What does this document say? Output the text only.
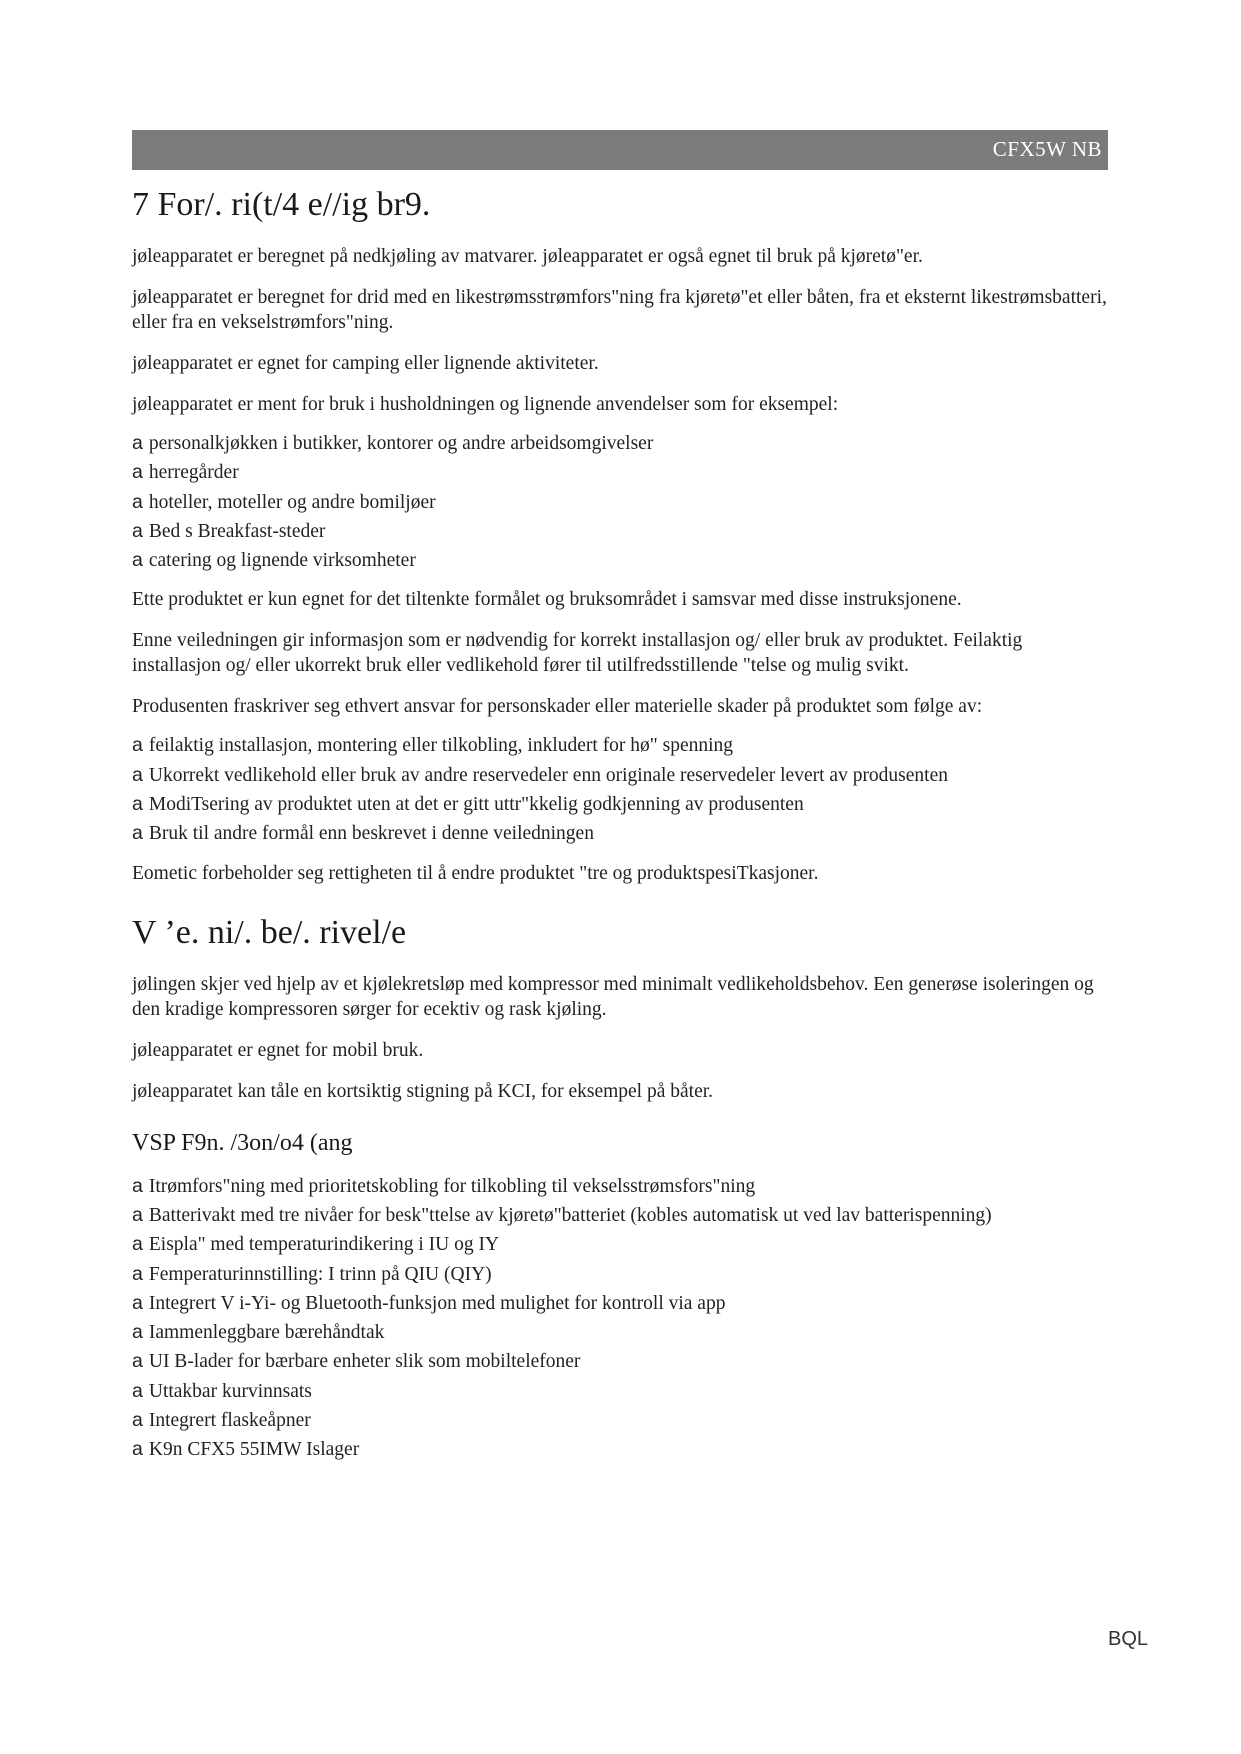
CFX5W NB
7 For/. ri(t/4 e//ig br9.

jøleapparatet er beregnet på nedkjøling av matvarer. jøleapparatet er også egnet til bruk på kjøretø"er.

jøleapparatet er beregnet for drid med en likestrømsstrømfors"ning fra kjøretø"et eller båten, fra et eksternt likestrømsbatteri, eller fra en vekselstrømfors"ning.

jøleapparatet er egnet for camping eller lignende aktiviteter.

jøleapparatet er ment for bruk i husholdningen og lignende anvendelser som for eksempel:

a personalkjøkken i butikker, kontorer og andre arbeidsomgivelser
a herregårder
a hoteller, moteller og andre bomiljøer
a Bed s Breakfast-steder
a catering og lignende virksomheter

Ette produktet er kun egnet for det tiltenkte formålet og bruksområdet i samsvar med disse instruksjonene.

Enne veiledningen gir informasjon som er nødvendig for korrekt installasjon og/ eller bruk av produktet. Feilaktig installasjon og/ eller ukorrekt bruk eller vedlikehold fører til utilfredsstillende "telse og mulig svikt.

Produsenten fraskriver seg ethvert ansvar for personskader eller materielle skader på produktet som følge av:

a feilaktig installasjon, montering eller tilkobling, inkludert for hø" spenning
a Ukorrekt vedlikehold eller bruk av andre reservedeler enn originale reservedeler levert av produsenten
a ModiTsering av produktet uten at det er gitt uttr"kkelig godkjenning av produsenten
a Bruk til andre formål enn beskrevet i denne veiledningen

Eometic forbeholder seg rettigheten til å endre produktet "tre og produktspesiTkasjoner.

V ’e. ni/. be/. rivel/e

jølingen skjer ved hjelp av et kjølekretsløp med kompressor med minimalt vedlikeholdsbehov. Een generøse isoleringen og den kradige kompressoren sørger for ecektiv og rask kjøling.

jøleapparatet er egnet for mobil bruk.

jøleapparatet kan tåle en kortsiktig stigning på KCI, for eksempel på båter.

VSP F9n. /3on/o4 (ang
a Itrømfors"ning med prioritetskobling for tilkobling til vekselsstrømsfors"ning
a Batterivakt med tre nivåer for besk"ttelse av kjøretø"batteriet (kobles automatisk ut ved lav batterispenning)
a Eispla" med temperaturindikering i IU og IY
a Femperaturinnstilling: I trinn på QIU (QIY)
a Integrert V i-Yi- og Bluetooth-funksjon med mulighet for kontroll via app
a Iammenleggbare bærehåndtak
a UI B-lader for bærbare enheter slik som mobiltelefoner
a Uttakbar kurvinnsats
a Integrert flaskeåpner
a K9n CFX5 55IMW Islager
BQL
